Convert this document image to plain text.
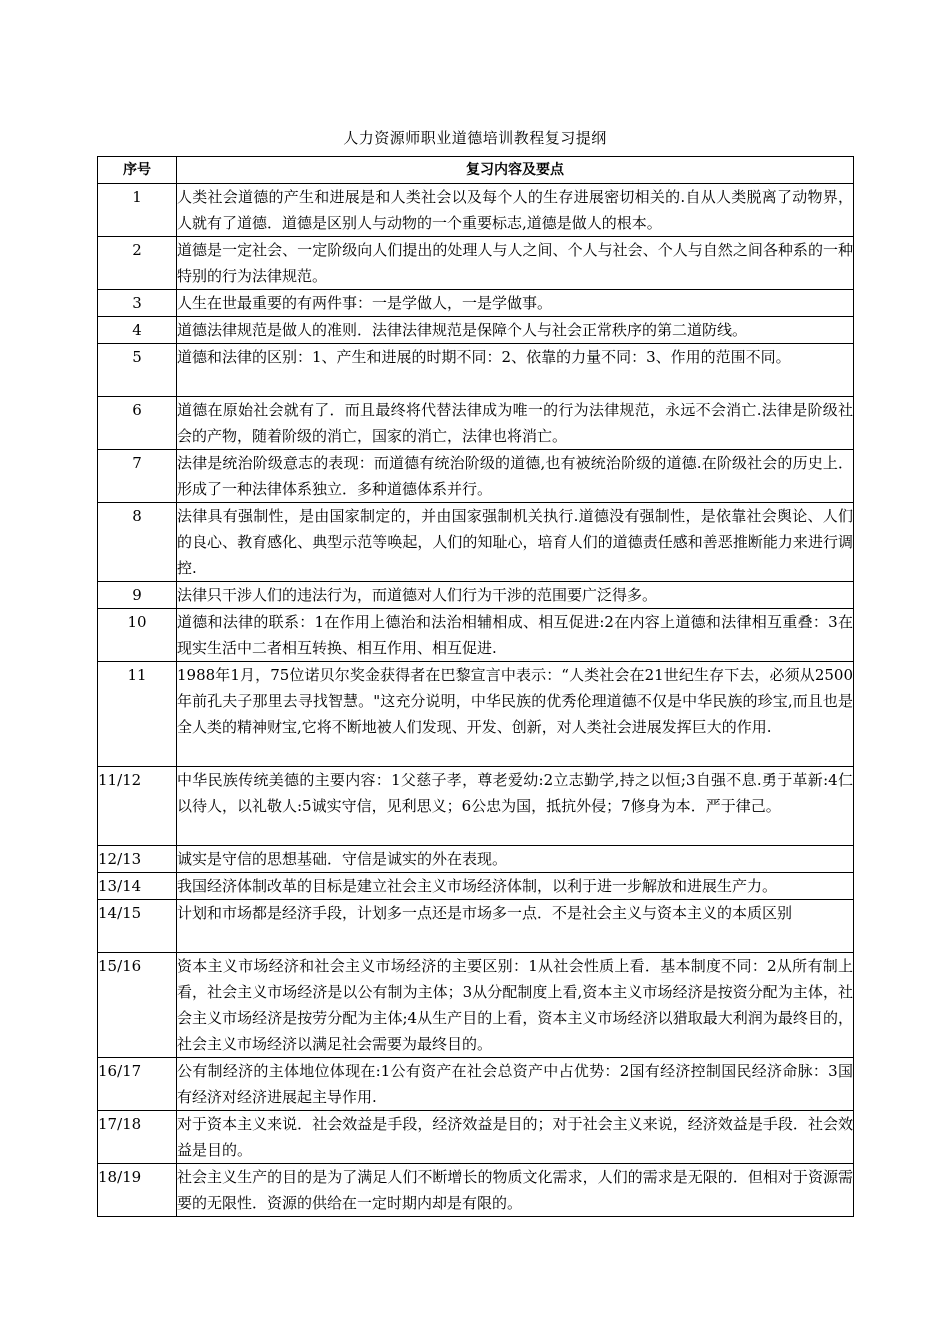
人力资源师职业道德培训教程复习提纲
序号	复习内容及要点
1	人类社会道德的产生和进展是和人类社会以及每个人的生存进展密切相关的.自从人类脱离了动物界，人就有了道德．道德是区别人与动物的一个重要标志,道德是做人的根本。
2	道德是一定社会、一定阶级向人们提出的处理人与人之间、个人与社会、个人与自然之间各种系的一种特别的行为法律规范。
3	人生在世最重要的有两件事：一是学做人，一是学做事。
4	道德法律规范是做人的准则．法律法律规范是保障个人与社会正常秩序的第二道防线。
5	道德和法律的区别：1、产生和进展的时期不同：2、依靠的力量不同：3、作用的范围不同。
6	道德在原始社会就有了．而且最终将代替法律成为唯一的行为法律规范，永远不会消亡.法律是阶级社会的产物，随着阶级的消亡，国家的消亡，法律也将消亡。
7	法律是统治阶级意志的表现：而道德有统治阶级的道德,也有被统治阶级的道德.在阶级社会的历史上．形成了一种法律体系独立．多种道德体系并行。
8	法律具有强制性，是由国家制定的，并由国家强制机关执行.道德没有强制性，是依靠社会舆论、人们的良心、教育感化、典型示范等唤起，人们的知耻心，培育人们的道德责任感和善恶推断能力来进行调控.
9	法律只干涉人们的违法行为，而道德对人们行为干涉的范围要广泛得多。
10	道德和法律的联系：1在作用上德治和法治相辅相成、相互促进:2在内容上道德和法律相互重叠：3在现实生活中二者相互转换、相互作用、相互促进.
11	1988年1月，75位诺贝尔奖金获得者在巴黎宣言中表示：“人类社会在21世纪生存下去，必须从2500年前孔夫子那里去寻找智慧。"这充分说明，中华民族的优秀伦理道德不仅是中华民族的珍宝,而且也是全人类的精神财宝,它将不断地被人们发现、开发、创新，对人类社会进展发挥巨大的作用.
11/12	中华民族传统美德的主要内容：1父慈子孝，尊老爱幼:2立志勤学,持之以恒;3自强不息.勇于革新:4仁以待人，以礼敬人:5诚实守信，见利思义；6公忠为国，抵抗外侵；7修身为本．严于律己。
12/13	诚实是守信的思想基础．守信是诚实的外在表现。
13/14	我国经济体制改革的目标是建立社会主义市场经济体制，以利于进一步解放和进展生产力。
14/15	计划和市场都是经济手段，计划多一点还是市场多一点．不是社会主义与资本主义的本质区别
15/16	资本主义市场经济和社会主义市场经济的主要区别：1从社会性质上看．基本制度不同：2从所有制上看，社会主义市场经济是以公有制为主体；3从分配制度上看,资本主义市场经济是按资分配为主体，社会主义市场经济是按劳分配为主体;4从生产目的上看，资本主义市场经济以猎取最大利润为最终目的，社会主义市场经济以满足社会需要为最终目的。
16/17	公有制经济的主体地位体现在:1公有资产在社会总资产中占优势：2国有经济控制国民经济命脉：3国有经济对经济进展起主导作用.
17/18	对于资本主义来说．社会效益是手段，经济效益是目的；对于社会主义来说，经济效益是手段．社会效益是目的。
18/19	社会主义生产的目的是为了满足人们不断增长的物质文化需求，人们的需求是无限的．但相对于资源需要的无限性．资源的供给在一定时期内却是有限的。
